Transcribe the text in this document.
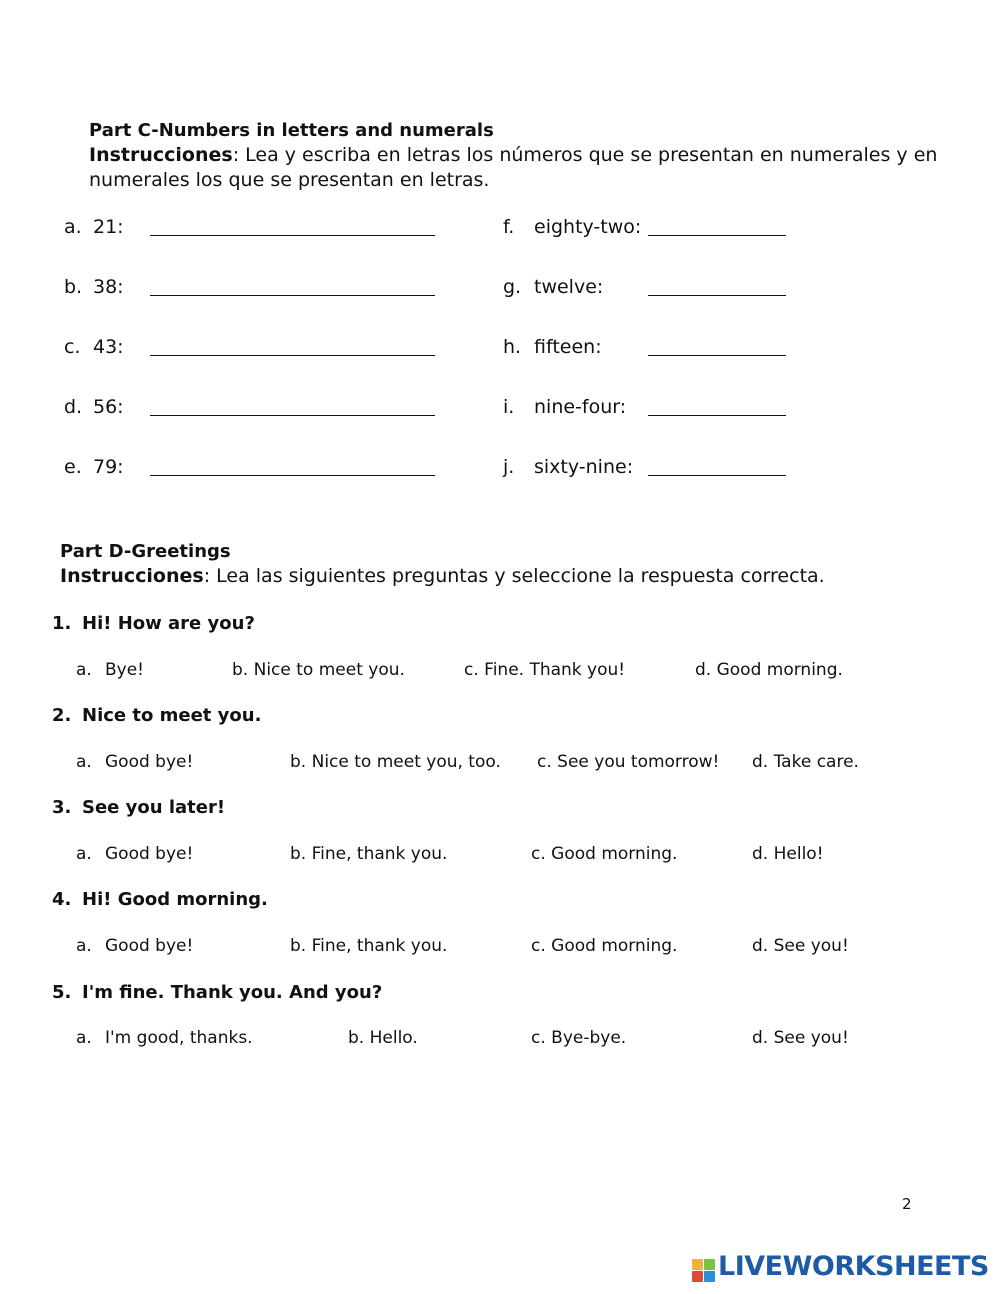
Part C-Numbers in letters and numerals
Instrucciones: Lea y escriba en letras los números que se presentan en numerales y en
numerales los que se presentan en letras.
a. 21:
b. 38:
c. 43:
d. 56:
e. 79:
f. eighty-two:
g. twelve:
h. fifteen:
i. nine-four:
j. sixty-nine:
Part D-Greetings
Instrucciones: Lea las siguientes preguntas y seleccione la respuesta correcta.
1. Hi! How are you?
a. Bye!	b. Nice to meet you.	c. Fine. Thank you!	d. Good morning.
2. Nice to meet you.
a. Good bye!	b. Nice to meet you, too. c. See you tomorrow! d. Take care.
3. See you later!
a. Good bye!	b. Fine, thank you.	c. Good morning.	d. Hello!
4. Hi! Good morning.
a. Good bye!	b. Fine, thank you.	c. Good morning.	d. See you!
5. I'm fine. Thank you. And you?
a. I'm good, thanks.	b. Hello.	c. Bye-bye.	d. See you!
2
LIVEWORKSHEETS
